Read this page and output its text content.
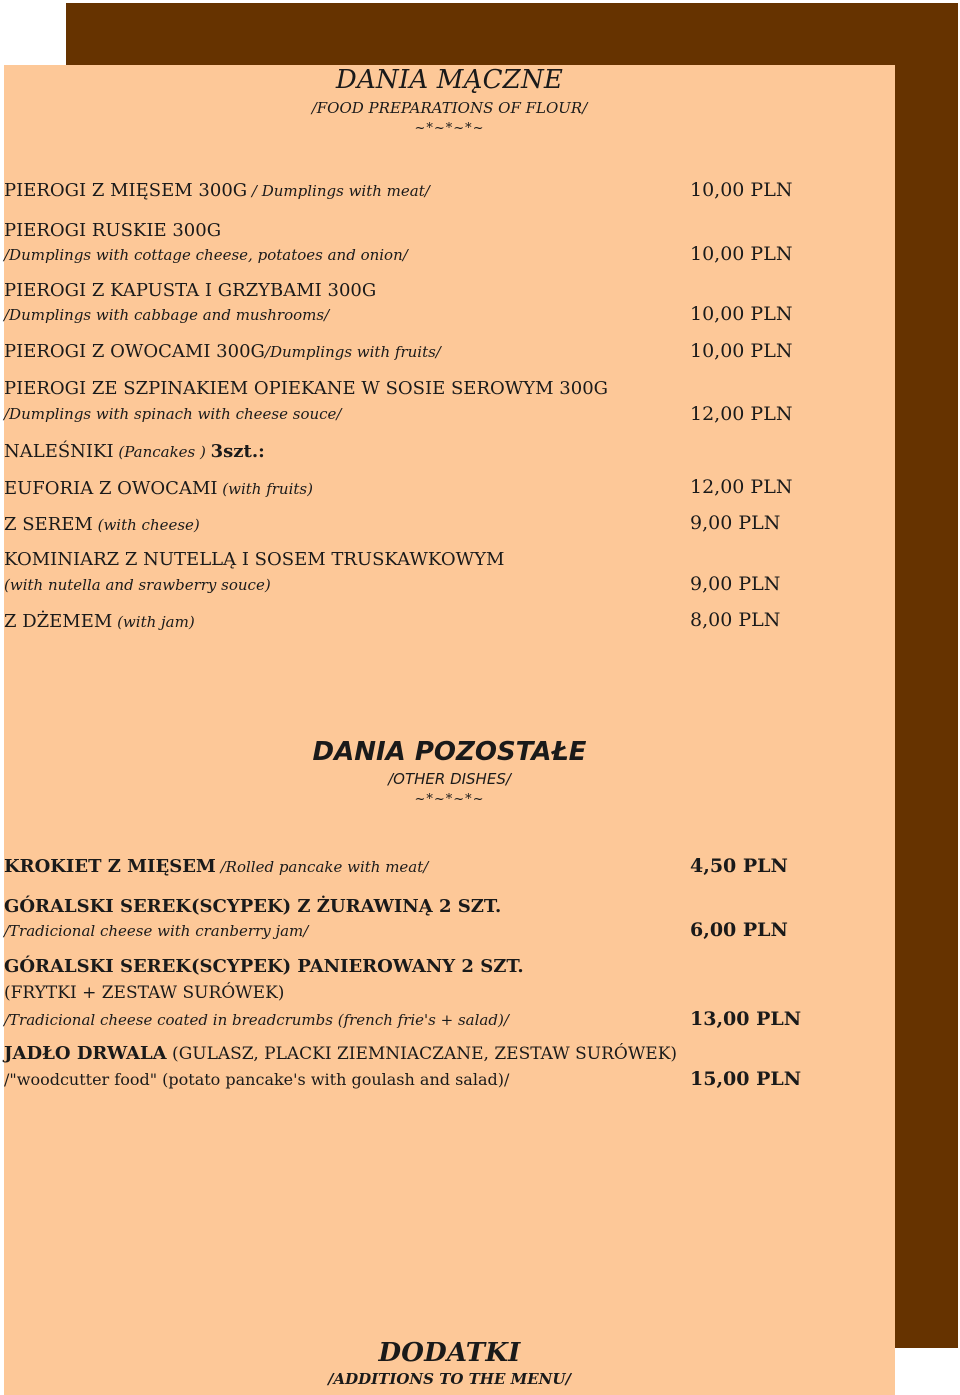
DANIA MĄCZNE
/FOOD PREPARATIONS OF FLOUR/
~*~*~*~
PIEROGI Z MIĘSEM 300G / Dumplings with meat/	10,00 PLN
PIEROGI RUSKIE 300G
/Dumplings with cottage cheese, potatoes and onion/	10,00 PLN
PIEROGI Z KAPUSTA I GRZYBAMI 300G
/Dumplings with cabbage and mushrooms/	10,00 PLN
PIEROGI Z OWOCAMI 300G/Dumplings with fruits/	10,00 PLN
PIEROGI ZE SZPINAKIEM OPIEKANE W SOSIE SEROWYM 300G
/Dumplings with spinach with cheese souce/	12,00 PLN
NALEŚNIKI (Pancakes ) 3szt.:
EUFORIA Z OWOCAMI (with fruits)	12,00 PLN
Z SEREM (with cheese)	9,00 PLN
KOMINIARZ Z NUTELLĄ I SOSEM TRUSKAWKOWYM
(with nutella and srawberry souce)	9,00 PLN
Z DŻEMEM (with jam)	8,00 PLN
DANIA POZOSTAŁE
/OTHER DISHES/
~*~*~*~
KROKIET Z MIĘSEM /Rolled pancake with meat/	4,50 PLN
GÓRALSKI SEREK(SCYPEK) Z ŻURAWINĄ 2 SZT.
/Tradicional cheese with cranberry jam/	6,00 PLN
GÓRALSKI SEREK(SCYPEK) PANIEROWANY 2 SZT.
(FRYTKI + ZESTAW SURÓWEK)
/Tradicional cheese coated in breadcrumbs (french frie's + salad)/	13,00 PLN
JADŁO DRWALA (GULASZ, PLACKI ZIEMNIACZANE, ZESTAW SURÓWEK)
/"woodcutter food" (potato pancake's with goulash and salad)/	15,00 PLN
DODATKI
/ADDITIONS TO THE MENU/
